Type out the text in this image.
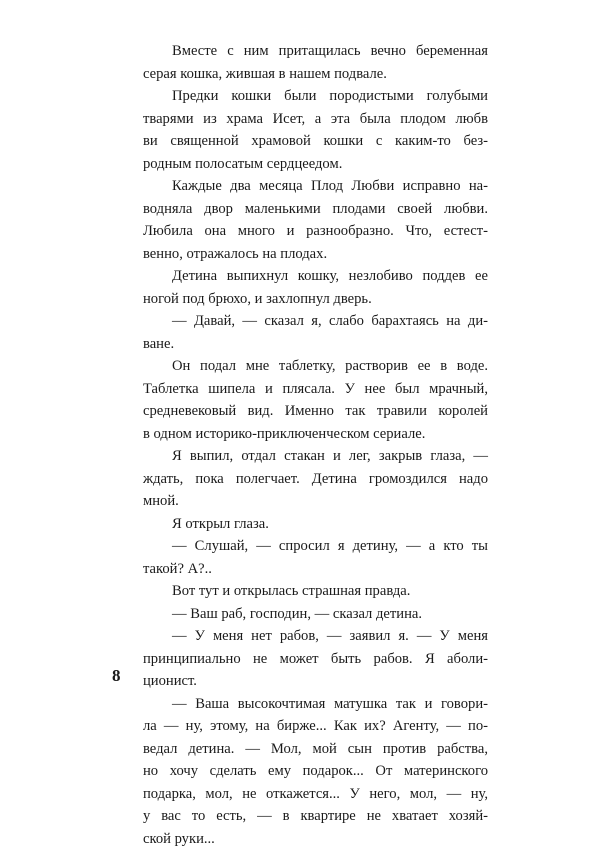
Вместе с ним притащилась вечно беременная
серая кошка, жившая в нашем подвале.
Предки кошки были породистыми голубыми
тварями из храма Исет, а эта была плодом любв
ви священной храмовой кошки с каким-то без-
родным полосатым сердцеедом.
Каждые два месяца Плод Любви исправно на-
водняла двор маленькими плодами своей любви.
Любила она много и разнообразно. Что, естест-
венно, отражалось на плодах.
Детина выпихнул кошку, незлобиво поддев ее
ногой под брюхо, и захлопнул дверь.
— Давай, — сказал я, слабо барахтаясь на ди-
ване.
Он подал мне таблетку, растворив ее в воде.
Таблетка шипела и плясала. У нее был мрачный,
средневековый вид. Именно так травили королей
в одном историко-приключенческом сериале.
Я выпил, отдал стакан и лег, закрыв глаза, —
ждать, пока полегчает. Детина громоздился надо
мной.
Я открыл глаза.
— Слушай, — спросил я детину, — а кто ты
такой? А?..
Вот тут и открылась страшная правда.
— Ваш раб, господин, — сказал детина.
— У меня нет рабов, — заявил я. — У меня
принципиально не может быть рабов. Я аболи-
ционист.
— Ваша высокочтимая матушка так и говори-
ла — ну, этому, на бирже... Как их? Агенту, — по-
ведал детина. — Мол, мой сын против рабства,
но хочу сделать ему подарок... От материнского
подарка, мол, не откажется... У него, мол, — ну,
у вас то есть, — в квартире не хватает хозяй-
ской руки...
8
